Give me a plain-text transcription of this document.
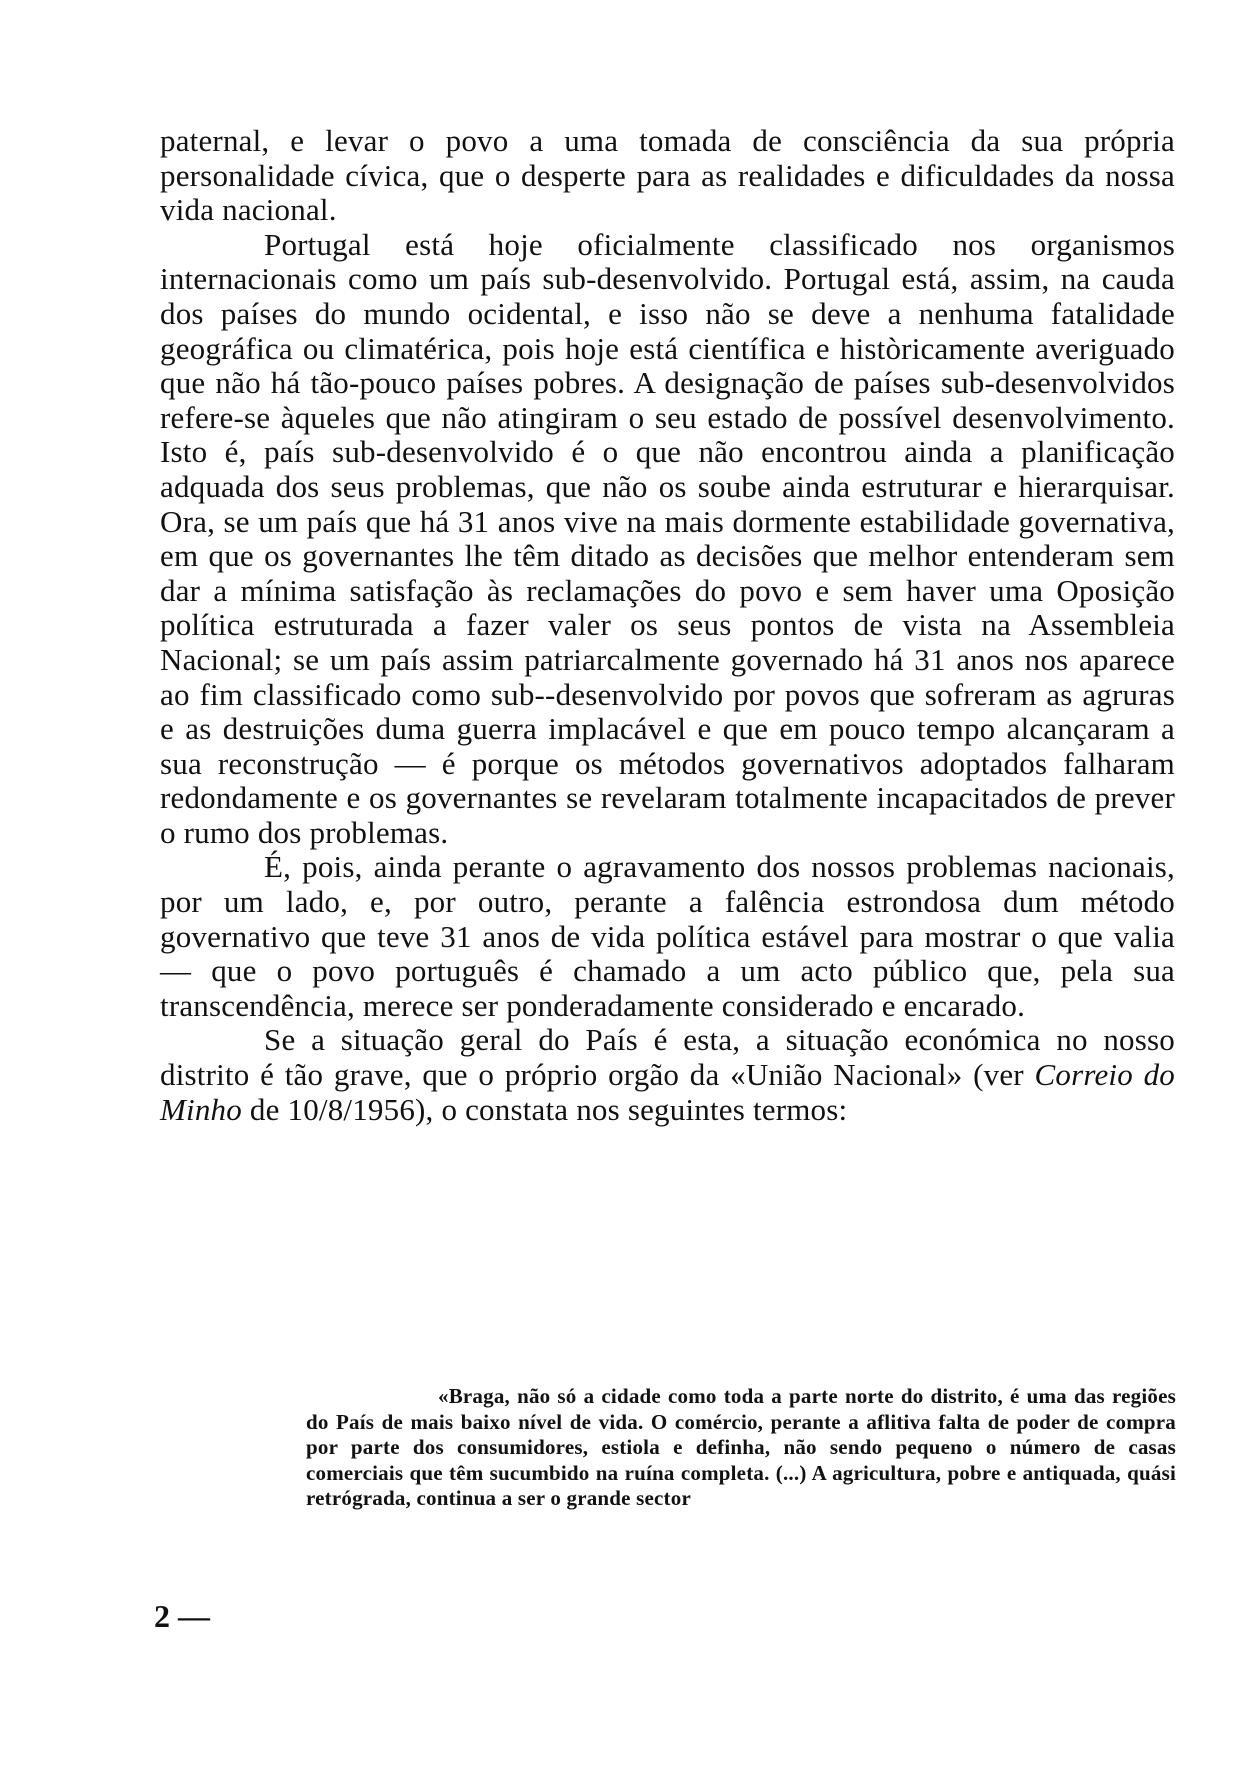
paternal, e levar o povo a uma tomada de consciência da sua própria personalidade cívica, que o desperte para as realidades e dificuldades da nossa vida nacional.

Portugal está hoje oficialmente classificado nos organismos internacionais como um país sub-desenvolvido. Portugal está, assim, na cauda dos países do mundo ocidental, e isso não se deve a nenhuma fatalidade geográfica ou climatérica, pois hoje está científica e històricamente averiguado que não há tão-pouco países pobres. A designação de países sub-desenvolvidos refere-se àqueles que não atingiram o seu estado de possível desenvolvimento. Isto é, país sub-desenvolvido é o que não encontrou ainda a planificação adquada dos seus problemas, que não os soube ainda estruturar e hierarquisar. Ora, se um país que há 31 anos vive na mais dormente estabilidade governativa, em que os governantes lhe têm ditado as decisões que melhor entenderam sem dar a mínima satisfação às reclamações do povo e sem haver uma Oposição política estruturada a fazer valer os seus pontos de vista na Assembleia Nacional; se um país assim patriarcalmente governado há 31 anos nos aparece ao fim classificado como sub--desenvolvido por povos que sofreram as agruras e as destruições duma guerra implacável e que em pouco tempo alcançaram a sua reconstrução — é porque os métodos governativos adoptados falharam redondamente e os governantes se revelaram totalmente incapacitados de prever o rumo dos problemas.

É, pois, ainda perante o agravamento dos nossos problemas nacionais, por um lado, e, por outro, perante a falência estrondosa dum método governativo que teve 31 anos de vida política estável para mostrar o que valia — que o povo português é chamado a um acto público que, pela sua transcendência, merece ser ponderadamente considerado e encarado.

Se a situação geral do País é esta, a situação económica no nosso distrito é tão grave, que o próprio orgão da «União Nacional» (ver Correio do Minho de 10/8/1956), o constata nos seguintes termos:

«Braga, não só a cidade como toda a parte norte do distrito, é uma das regiões do País de mais baixo nível de vida. O comércio, perante a aflitiva falta de poder de compra por parte dos consumidores, estiola e definha, não sendo pequeno o número de casas comerciais que têm sucumbido na ruína completa. (...) A agricultura, pobre e antiquada, quási retrógrada, continua a ser o grande sector

2 —
